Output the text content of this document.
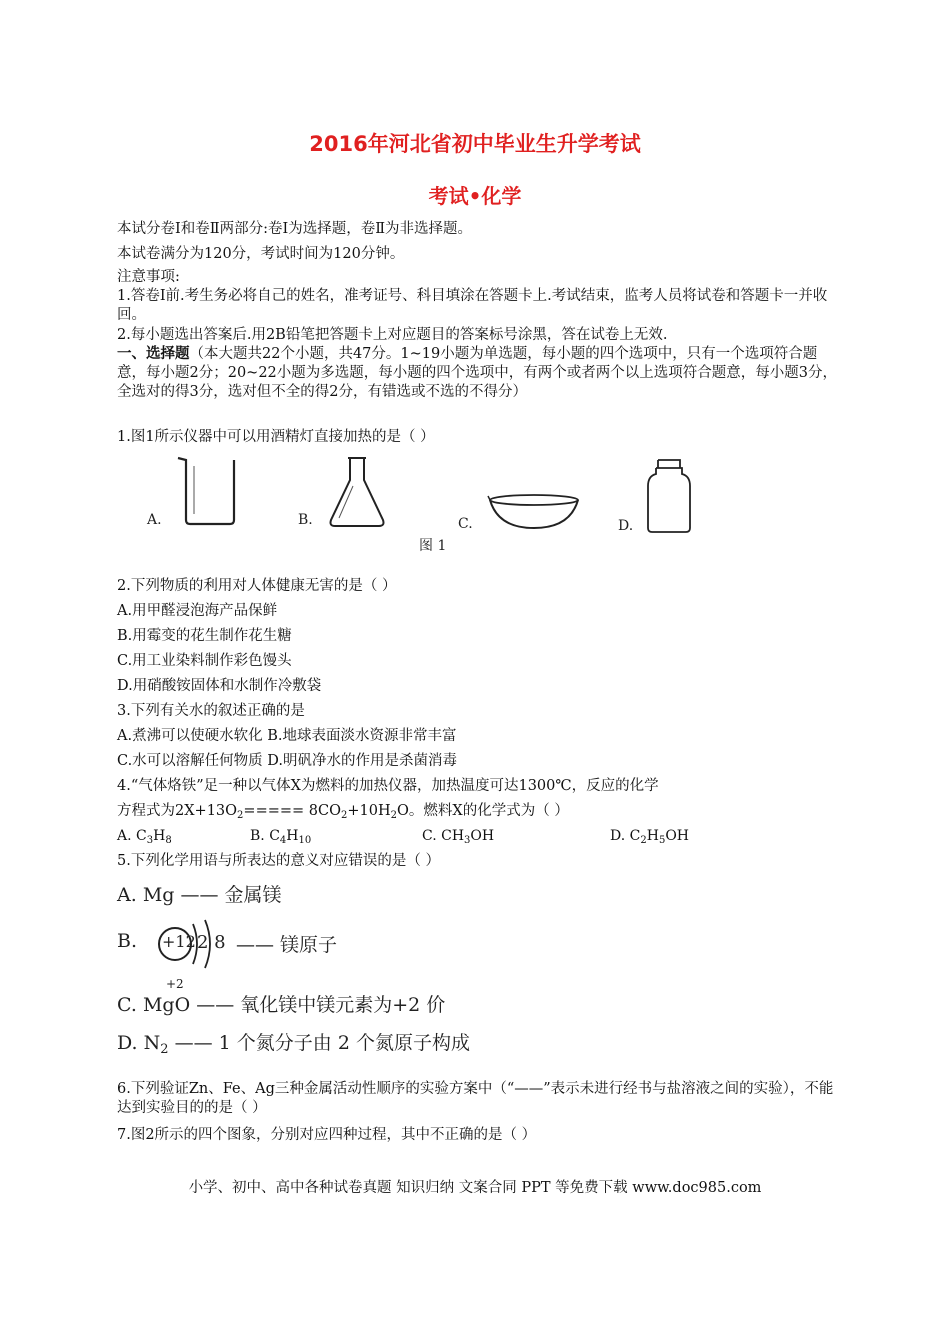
2016年河北省初中毕业生升学考试
考试•化学
本试分卷Ⅰ和卷Ⅱ两部分:卷Ⅰ为选择题，卷Ⅱ为非选择题。
本试卷满分为120分，考试时间为120分钟。
注意事项:
1.答卷Ⅰ前.考生务必将自己的姓名，准考证号、科目填涂在答题卡上.考试结束，监考人员将试卷和答题卡一并收回。
2.每小题选出答案后.用2B铅笔把答题卡上对应题目的答案标号涂黑，答在试卷上无效.
一、选择题（本大题共22个小题，共47分。1~19小题为单选题，每小题的四个选项中，只有一个选项符合题意，每小题2分；20~22小题为多选题，每小题的四个选项中，有两个或者两个以上选项符合题意，每小题3分，全选对的得3分，选对但不全的得2分，有错选或不选的不得分）
1.图1所示仪器中可以用酒精灯直接加热的是（ ）
A.	B.	C.	D.
图 1
2.下列物质的利用对人体健康无害的是（ ）
A.用甲醛浸泡海产品保鲜
B.用霉变的花生制作花生糖
C.用工业染料制作彩色馒头
D.用硝酸铵固体和水制作冷敷袋
3.下列有关水的叙述正确的是
A.煮沸可以使硬水软化 B.地球表面淡水资源非常丰富
C.水可以溶解任何物质 D.明矾净水的作用是杀菌消毒
4.“气体烙铁”足一种以气体X为燃料的加热仪器，加热温度可达1300℃，反应的化学
方程式为$2X+13O_2===== 8CO_2+10H_2O$。燃料X的化学式为（ ）
A. $C_3H_8$	B. $C_4H_{10}$	C. $CH_3OH$	D. $C_2H_5OH$
5.下列化学用语与所表达的意义对应错误的是（ ）
A. Mg —— 金属镁
B. +12 2 8 —— 镁原子
+2
C. MgO —— 氧化镁中镁元素为+2 价
D. $N_2$ —— 1 个氮分子由 2 个氮原子构成
6.下列验证Zn、Fe、Ag三种金属活动性顺序的实验方案中（“——”表示未进行经书与盐溶液之间的实验），不能达到实验目的的是（ ）
7.图2所示的四个图象，分别对应四种过程，其中不正确的是（ ）
小学、初中、高中各种试卷真题 知识归纳 文案合同 PPT 等免费下载 www.doc985.com
